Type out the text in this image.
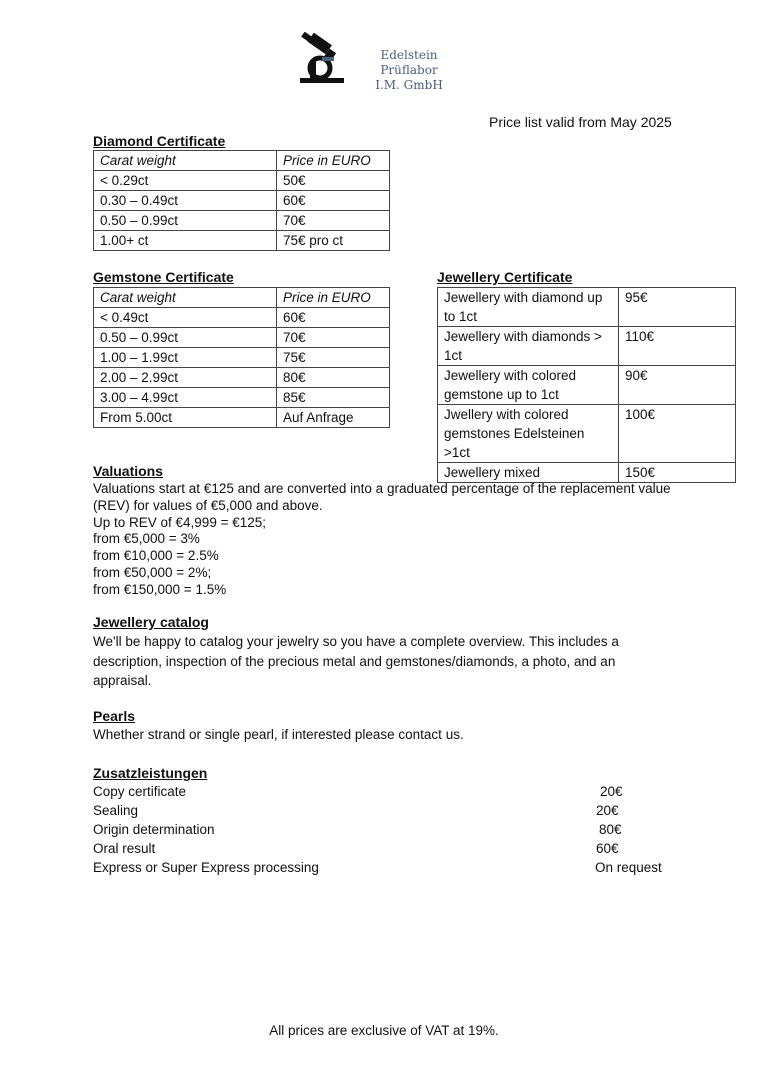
Edelstein Prüflabor
I.M. GmbH
Price list valid from May 2025
Diamond Certificate
Carat weight	Price in EURO
< 0.29ct	50€
0.30 – 0.49ct	60€
0.50 – 0.99ct	70€
1.00+ ct	75€ pro ct
Gemstone Certificate
Carat weight	Price in EURO
< 0.49ct	60€
0.50 – 0.99ct	70€
1.00 – 1.99ct	75€
2.00 – 2.99ct	80€
3.00 – 4.99ct	85€
From 5.00ct	Auf Anfrage
Jewellery Certificate
Jewellery with diamond up to 1ct	95€
Jewellery with diamonds > 1ct	110€
Jewellery with colored gemstone up to 1ct	90€
Jwellery with colored gemstones Edelsteinen >1ct	100€
Jewellery mixed	150€
Valuations
Valuations start at €125 and are converted into a graduated percentage of the replacement value (REV) for values of €5,000 and above.
Up to REV of €4,999 = €125;
from €5,000 = 3%
from €10,000 = 2.5%
from €50,000 = 2%;
from €150,000 = 1.5%
Jewellery catalog
We'll be happy to catalog your jewelry so you have a complete overview. This includes a description, inspection of the precious metal and gemstones/diamonds, a photo, and an appraisal.
Pearls
Whether strand or single pearl, if interested please contact us.
Zusatzleistungen
Copy certificate	20€
Sealing	20€
Origin determination	80€
Oral result	60€
Express or Super Express processing	On request
All prices are exclusive of VAT at 19%.
